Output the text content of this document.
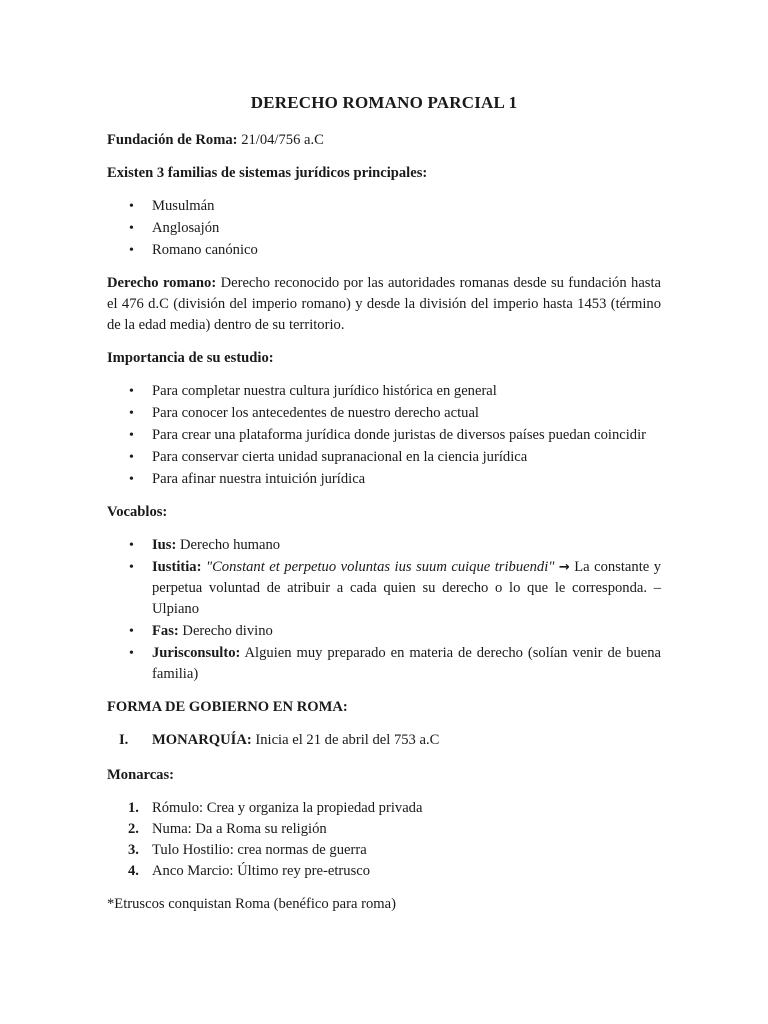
DERECHO ROMANO PARCIAL 1

Fundación de Roma: 21/04/756 a.C

Existen 3 familias de sistemas jurídicos principales:

• Musulmán
• Anglosajón
• Romano canónico

Derecho romano: Derecho reconocido por las autoridades romanas desde su fundación hasta el 476 d.C (división del imperio romano) y desde la división del imperio hasta 1453 (término de la edad media) dentro de su territorio.

Importancia de su estudio:

• Para completar nuestra cultura jurídico histórica en general
• Para conocer los antecedentes de nuestro derecho actual
• Para crear una plataforma jurídica donde juristas de diversos países puedan coincidir
• Para conservar cierta unidad supranacional en la ciencia jurídica
• Para afinar nuestra intuición jurídica

Vocablos:

• Ius: Derecho humano
• Iustitia: "Constant et perpetuo voluntas ius suum cuique tribuendi" → La constante y perpetua voluntad de atribuir a cada quien su derecho o lo que le corresponda. –Ulpiano
• Fas: Derecho divino
• Jurisconsulto: Alguien muy preparado en materia de derecho (solían venir de buena familia)

FORMA DE GOBIERNO EN ROMA:

I. MONARQUÍA: Inicia el 21 de abril del 753 a.C

Monarcas:

1. Rómulo: Crea y organiza la propiedad privada
2. Numa: Da a Roma su religión
3. Tulo Hostilio: crea normas de guerra
4. Anco Marcio: Último rey pre-etrusco

*Etruscos conquistan Roma (benéfico para roma)
